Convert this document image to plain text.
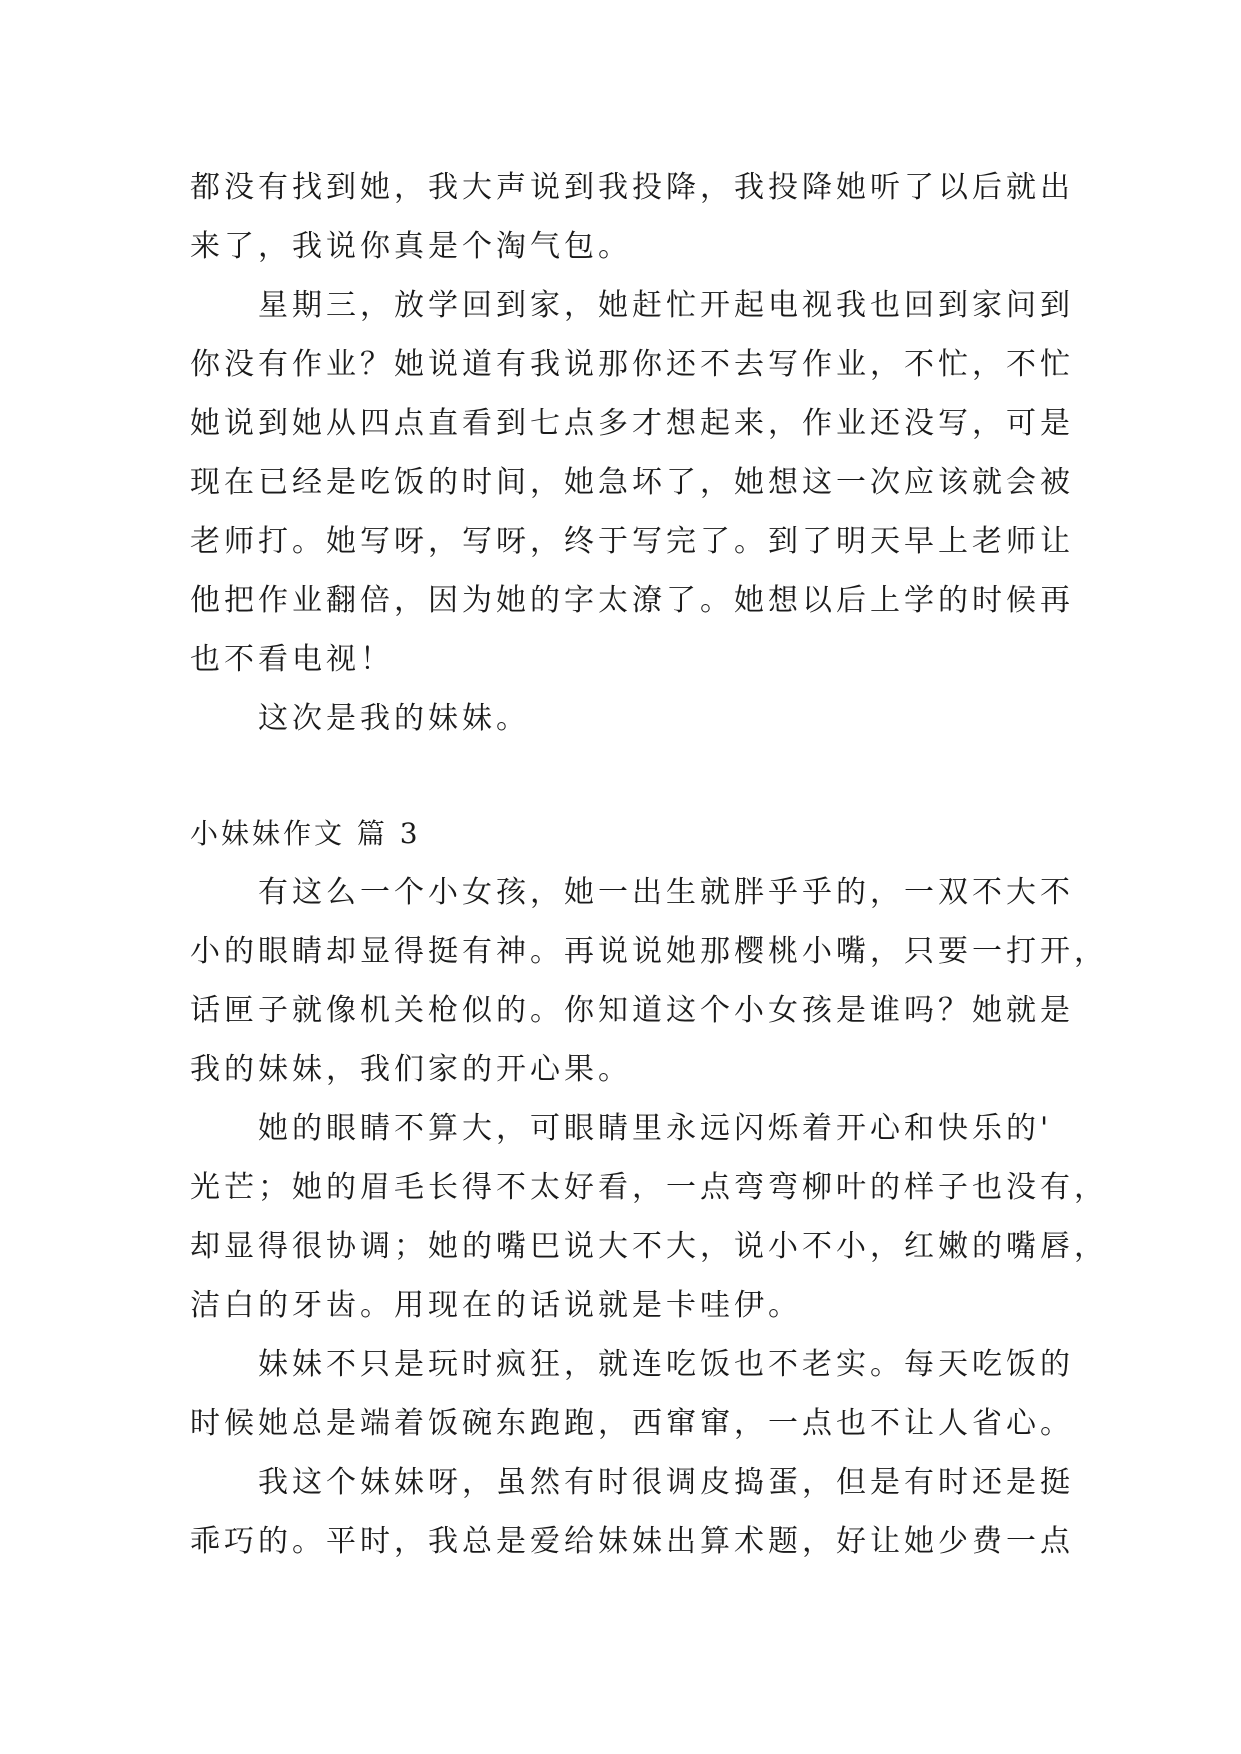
都没有找到她，我大声说到我投降，我投降她听了以后就出
来了，我说你真是个淘气包。
星期三，放学回到家，她赶忙开起电视我也回到家问到
你没有作业？她说道有我说那你还不去写作业，不忙，不忙
她说到她从四点直看到七点多才想起来，作业还没写，可是
现在已经是吃饭的时间，她急坏了，她想这一次应该就会被
老师打。她写呀，写呀，终于写完了。到了明天早上老师让
他把作业翻倍，因为她的字太潦了。她想以后上学的时候再
也不看电视！
这次是我的妹妹。
小妹妹作文 篇 3
有这么一个小女孩，她一出生就胖乎乎的，一双不大不
小的眼睛却显得挺有神。再说说她那樱桃小嘴，只要一打开，
话匣子就像机关枪似的。你知道这个小女孩是谁吗？她就是
我的妹妹，我们家的开心果。
她的眼睛不算大，可眼睛里永远闪烁着开心和快乐的'
光芒；她的眉毛长得不太好看，一点弯弯柳叶的样子也没有，
却显得很协调；她的嘴巴说大不大，说小不小，红嫩的嘴唇，
洁白的牙齿。用现在的话说就是卡哇伊。
妹妹不只是玩时疯狂，就连吃饭也不老实。每天吃饭的
时候她总是端着饭碗东跑跑，西窜窜，一点也不让人省心。
我这个妹妹呀，虽然有时很调皮捣蛋，但是有时还是挺
乖巧的。平时，我总是爱给妹妹出算术题，好让她少费一点
